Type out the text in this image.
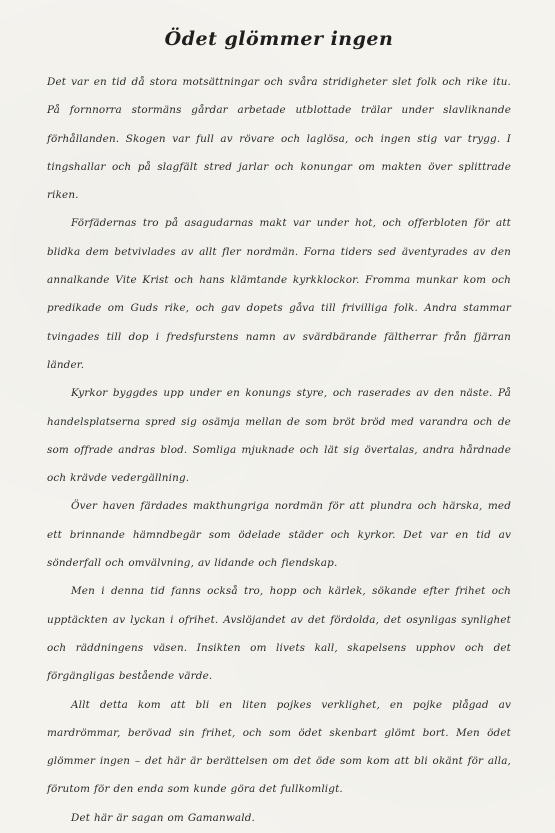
Ödet glömmer ingen

Det var en tid då stora motsättningar och svåra stridigheter slet folk och rike itu. På fornnorra stormäns gårdar arbetade utblottade trälar under slavliknande förhållanden. Skogen var full av rövare och laglösa, och ingen stig var trygg. I tingshallar och på slagfält stred jarlar och konungar om makten över splittrade riken.

Förfädernas tro på asagudarnas makt var under hot, och offerbloten för att blidka dem betvivlades av allt fler nordmän. Forna tiders sed äventyrades av den annalkande Vite Krist och hans klämtande kyrkklockor. Fromma munkar kom och predikade om Guds rike, och gav dopets gåva till frivilliga folk. Andra stammar tvingades till dop i fredsfurstens namn av svärdbärande fältherrar från fjärran länder.

Kyrkor byggdes upp under en konungs styre, och raserades av den näste. På handelsplatserna spred sig osämja mellan de som bröt bröd med varandra och de som offrade andras blod. Somliga mjuknade och lät sig övertalas, andra hårdnade och krävde vedergällning.

Över haven färdades makthungriga nordmän för att plundra och härska, med ett brinnande hämndbegär som ödelade städer och kyrkor. Det var en tid av sönderfall och omvälvning, av lidande och fiendskap.

Men i denna tid fanns också tro, hopp och kärlek, sökande efter frihet och upptäckten av lyckan i ofrihet. Avslöjandet av det fördolda, det osynligas synlighet och räddningens väsen. Insikten om livets kall, skapelsens upphov och det förgängligas bestående värde.

Allt detta kom att bli en liten pojkes verklighet, en pojke plågad av mardrömmar, berövad sin frihet, och som ödet skenbart glömt bort. Men ödet glömmer ingen – det här är berättelsen om det öde som kom att bli okänt för alla, förutom för den enda som kunde göra det fullkomligt.

Det här är sagan om Gamanwald.
